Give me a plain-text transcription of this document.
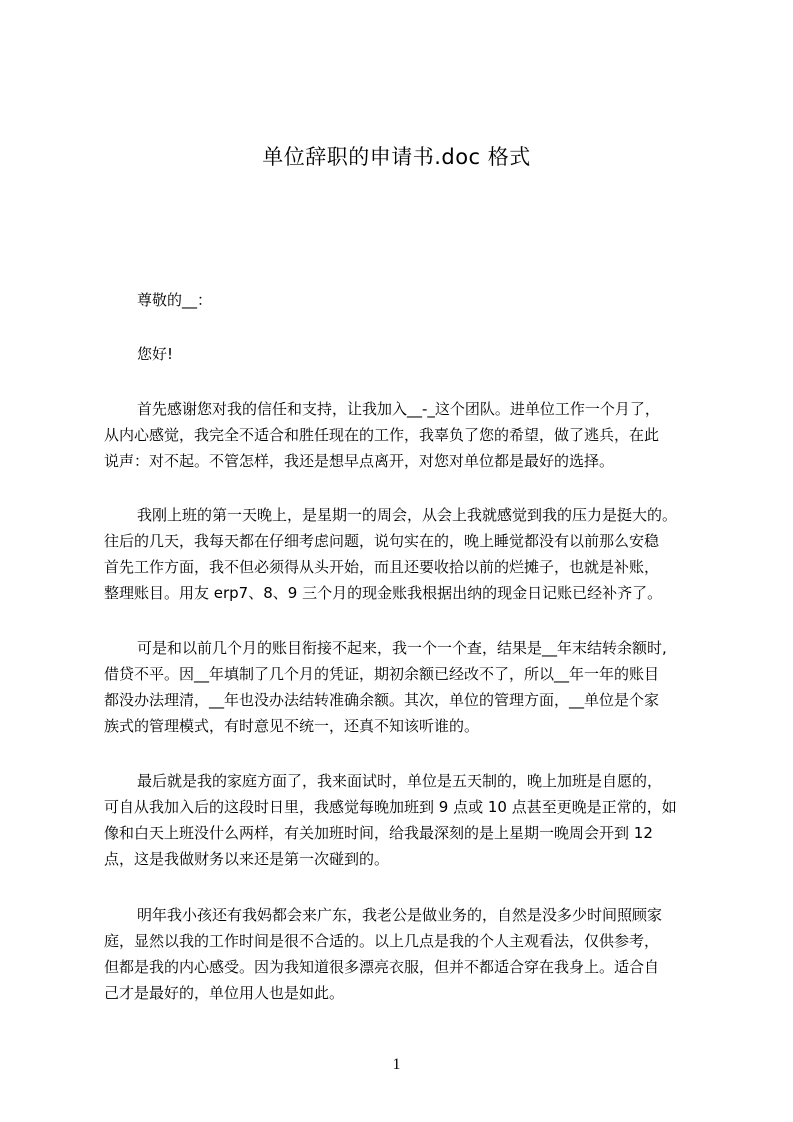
单位辞职的申请书.doc 格式

尊敬的__：

您好!

首先感谢您对我的信任和支持，让我加入__-_这个团队。进单位工作一个月了，
从内心感觉，我完全不适合和胜任现在的工作，我辜负了您的希望，做了逃兵，在此
说声：对不起。不管怎样，我还是想早点离开，对您对单位都是最好的选择。

我刚上班的第一天晚上，是星期一的周会，从会上我就感觉到我的压力是挺大的。
往后的几天，我每天都在仔细考虑问题，说句实在的，晚上睡觉都没有以前那么安稳
首先工作方面，我不但必须得从头开始，而且还要收拾以前的烂摊子，也就是补账，
整理账目。用友 erp7、8、9 三个月的现金账我根据出纳的现金日记账已经补齐了。

可是和以前几个月的账目衔接不起来，我一个一个查，结果是__年末结转余额时,
借贷不平。因__年填制了几个月的凭证，期初余额已经改不了，所以__年一年的账目
都没办法理清，__年也没办法结转准确余额。其次，单位的管理方面，__单位是个家
族式的管理模式，有时意见不统一，还真不知该听谁的。

最后就是我的家庭方面了，我来面试时，单位是五天制的，晚上加班是自愿的，
可自从我加入后的这段时日里，我感觉每晚加班到 9 点或 10 点甚至更晚是正常的，如
像和白天上班没什么两样，有关加班时间，给我最深刻的是上星期一晚周会开到 12
点，这是我做财务以来还是第一次碰到的。

明年我小孩还有我妈都会来广东，我老公是做业务的，自然是没多少时间照顾家
庭，显然以我的工作时间是很不合适的。以上几点是我的个人主观看法，仅供参考，
但都是我的内心感受。因为我知道很多漂亮衣服，但并不都适合穿在我身上。适合自
己才是最好的，单位用人也是如此。

1
